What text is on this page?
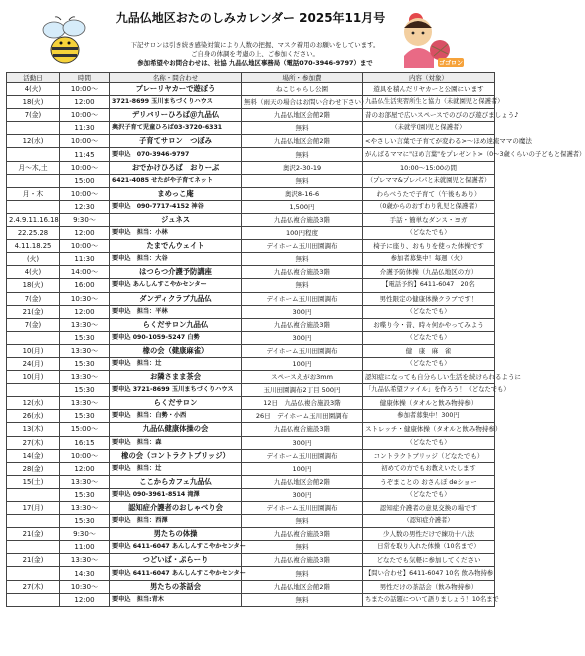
九品仏地区おたのしみカレンダー 2025年11月号
ゴゴロン
下記サロンは引き続き感染対策により人数の把握、マスク着用のお願いをしています。
ご自身の体調を考慮の上、ご参加ください。
参加希望やお問合わせは、社協 九品仏地区事務局（電話070-3946-9797）まで
活動日	時間	名称・問合わせ	場所・参加費	内容（対象）
4(火)	10:00～	プレーリヤカーで遊ぼう	ねこじゃらし公園	遊具を積んだリヤカーと公園にいます
18(火)	12:00	3721-8699 玉川まちづくりハウス	無料（雨天の場合はお問い合わせ下さい）	九品仏生活実習所生と協力（未就園児と保護者）
7(金)	10:00～	デリバリーひろば＠九品仏	九品仏地区会館2階	昔のお部屋で広いスペースでのびのび遊びましょう♪
	11:30	奥沢子育て児童ひろば03-3720-6331	無料	（未就学(園)児と保護者）
12(水)	10:00～	子育てサロン　つぼみ	九品仏地区会館2階	<やさしい言葉で子育てが変わる>～ほめ達流ママの魔法
	11:45	要申込　070-3946-9797	無料	がんばるママに"ほめ言葉"をプレゼント>（0～3歳くらいの子どもと保護者）
月～木,土	10:00～	おでかけひろば　おりーぶ	奥沢2-30-19	10:00～15:00の間
	15:00	6421-4085 せたがや子育てネット	無料	（プレママ&プレパパと未就園児と保護者）
月・木	10:00～	まめっこ庵	奥沢8-16-6	わらべうたで子育て（午後もあり）
	12:30	要申込　090-7717-4152 神谷	1,500円	（0歳からのおすわり乳児と保護者）
2.4.9.11.16.18	9:30～	ジュネス	九品仏複合施設3階	手話・簡単なダンス・ヨガ
22.25.28	12:00	要申込　担当：小林	100円程度	（どなたでも）
4.11.18.25	10:00～	たまでんウェイト	デイホーム玉川田園調布	椅子に座り、おもりを使った体操です
(火)	11:30	要申込　担当：大谷	無料	参加者募集中！毎週（火）
4(火)	14:00～	はつらつ介護予防講座	九品仏複合施設3階	介護予防体操（九品仏地区の方）
18(火)	16:00	要申込 あんしんすこやかセンター	無料	【電話予約】6411-6047　20名
7(金)	10:30～	ダンディクラブ九品仏	デイホーム玉川田園調布	男性限定の健康体操クラブです！
21(金)	12:00	要申込　担当：平林	300円	（どなたでも）
7(金)	13:30～	らくだサロン九品仏	九品仏複合施設3階	お喋り今・昔、時々何かやってみよう
	15:30	要申込 090-1059-5247 白勢	300円	（どなたでも）
10(月)	13:30～	橡の会（健康麻雀）	デイホーム玉川田園調布	健　康　麻　雀
24(月)	15:30	要申込　担当：辻	100円	（どなたでも）
10(月)	13:30～	お隣さまま茶会	スペースえがお3mm	認知症になっても自分らしい生活を続けられるように
	15:30	要申込 3721-8699 玉川まちづくりハウス	玉川田園調布2丁目 500円	「九品仏希望ファイル」を作ろう！（どなたでも）
12(水)	13:30～	らくだサロン	12日　九品仏複合施設3階	健康体操（タオルと飲み物持参）
26(水)	15:30	要申込　担当：白勢・小西	26日　デイホーム玉川田園調布	参加者募集中！300円
13(木)	15:00～	九品仏健康体操の会	九品仏複合施設3階	ストレッチ・健康体操（タオルと飲み物持参）
27(木)	16:15	要申込　担当：森	300円	（どなたでも）
14(金)	10:00～	橡の会（コントラクトブリッジ）	デイホーム玉川田園調布	コントラクトブリッジ（どなたでも）
28(金)	12:00	要申込　担当：辻	100円	初めての方でもお教えいたします
15(土)	13:30～	ここからカフェ九品仏	九品仏地区会館2階	うぞまことの おさんぽ deショー
	15:30	要申込 090-3961-8514 滝澤	300円	（どなたでも）
17(月)	13:30～	認知症介護者のおしゃべり会	デイホーム玉川田園調布	認知症介護者の意見交換の場です
	15:30	要申込　担当：西澤	無料	（認知症介護者）
21(金)	9:30～	男たちの体操	九品仏複合施設3階	少人数の男性だけで練功十八法
	11:00	要申込 6411-6047 あんしんすこやかセンター	無料	日常を取り入れた体操（10名まで）
21(金)	13:30～	つどいば・ぷらーり	九品仏複合施設3階	どなたでも気軽に参加してください
	14:30	要申込 6411-6047 あんしんすこやかセンター	無料	【問い合わせ】6411-6047 10名 飲み物持参
27(木)	10:30～	男たちの茶話会	九品仏地区会館2階	男性だけの茶話会（飲み物持参）
	12:00	要申込　担当:青木	無料	ちまたの話題について語りましょう！10名まで
